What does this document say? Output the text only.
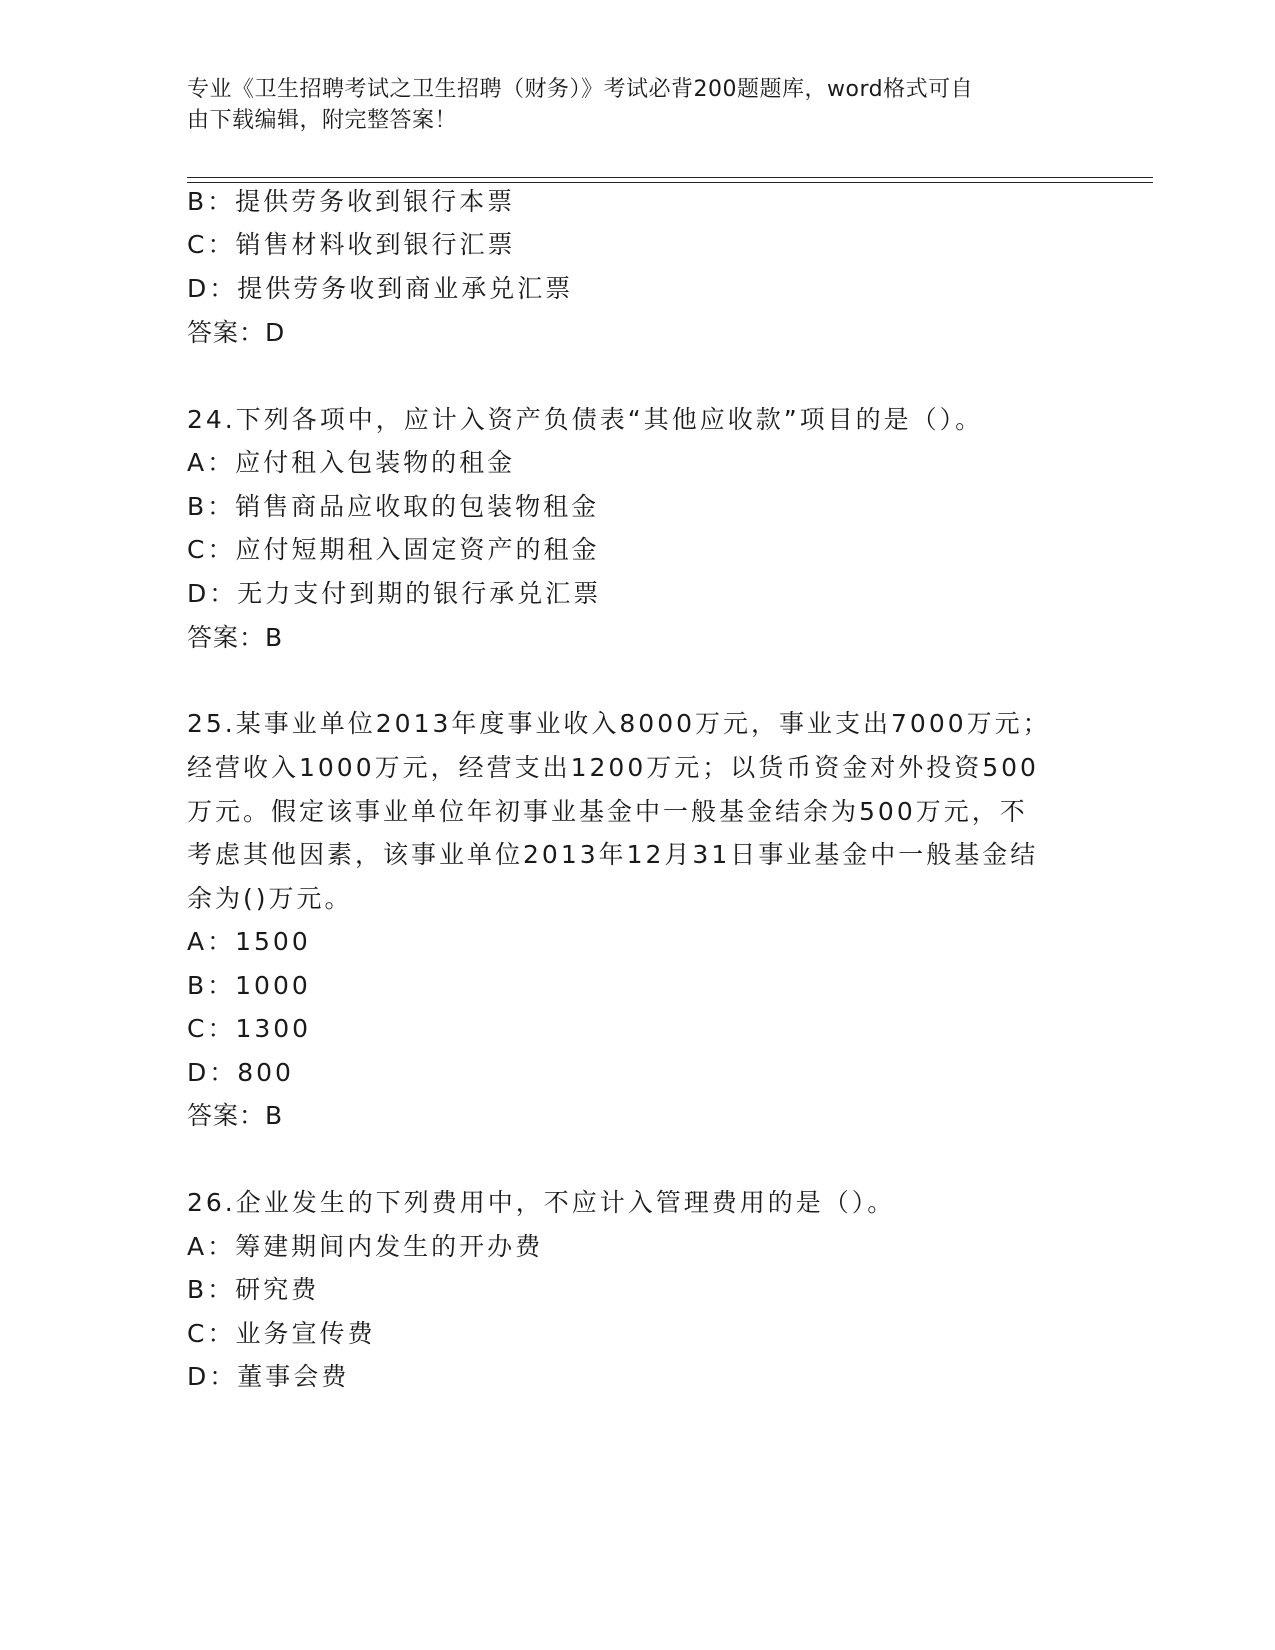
专业《卫生招聘考试之卫生招聘（财务）》考试必背200题题库，word格式可自
由下载编辑，附完整答案！
B：提供劳务收到银行本票
C：销售材料收到银行汇票
D：提供劳务收到商业承兑汇票
答案：D
24.下列各项中，应计入资产负债表“其他应收款”项目的是（）。
A：应付租入包装物的租金
B：销售商品应收取的包装物租金
C：应付短期租入固定资产的租金
D：无力支付到期的银行承兑汇票
答案：B
25.某事业单位2013年度事业收入8000万元，事业支出7000万元；
经营收入1000万元，经营支出1200万元；以货币资金对外投资500
万元。假定该事业单位年初事业基金中一般基金结余为500万元，不
考虑其他因素，该事业单位2013年12月31日事业基金中一般基金结
余为()万元。
A：1500
B：1000
C：1300
D：800
答案：B
26.企业发生的下列费用中，不应计入管理费用的是（）。
A：筹建期间内发生的开办费
B：研究费
C：业务宣传费
D：董事会费
